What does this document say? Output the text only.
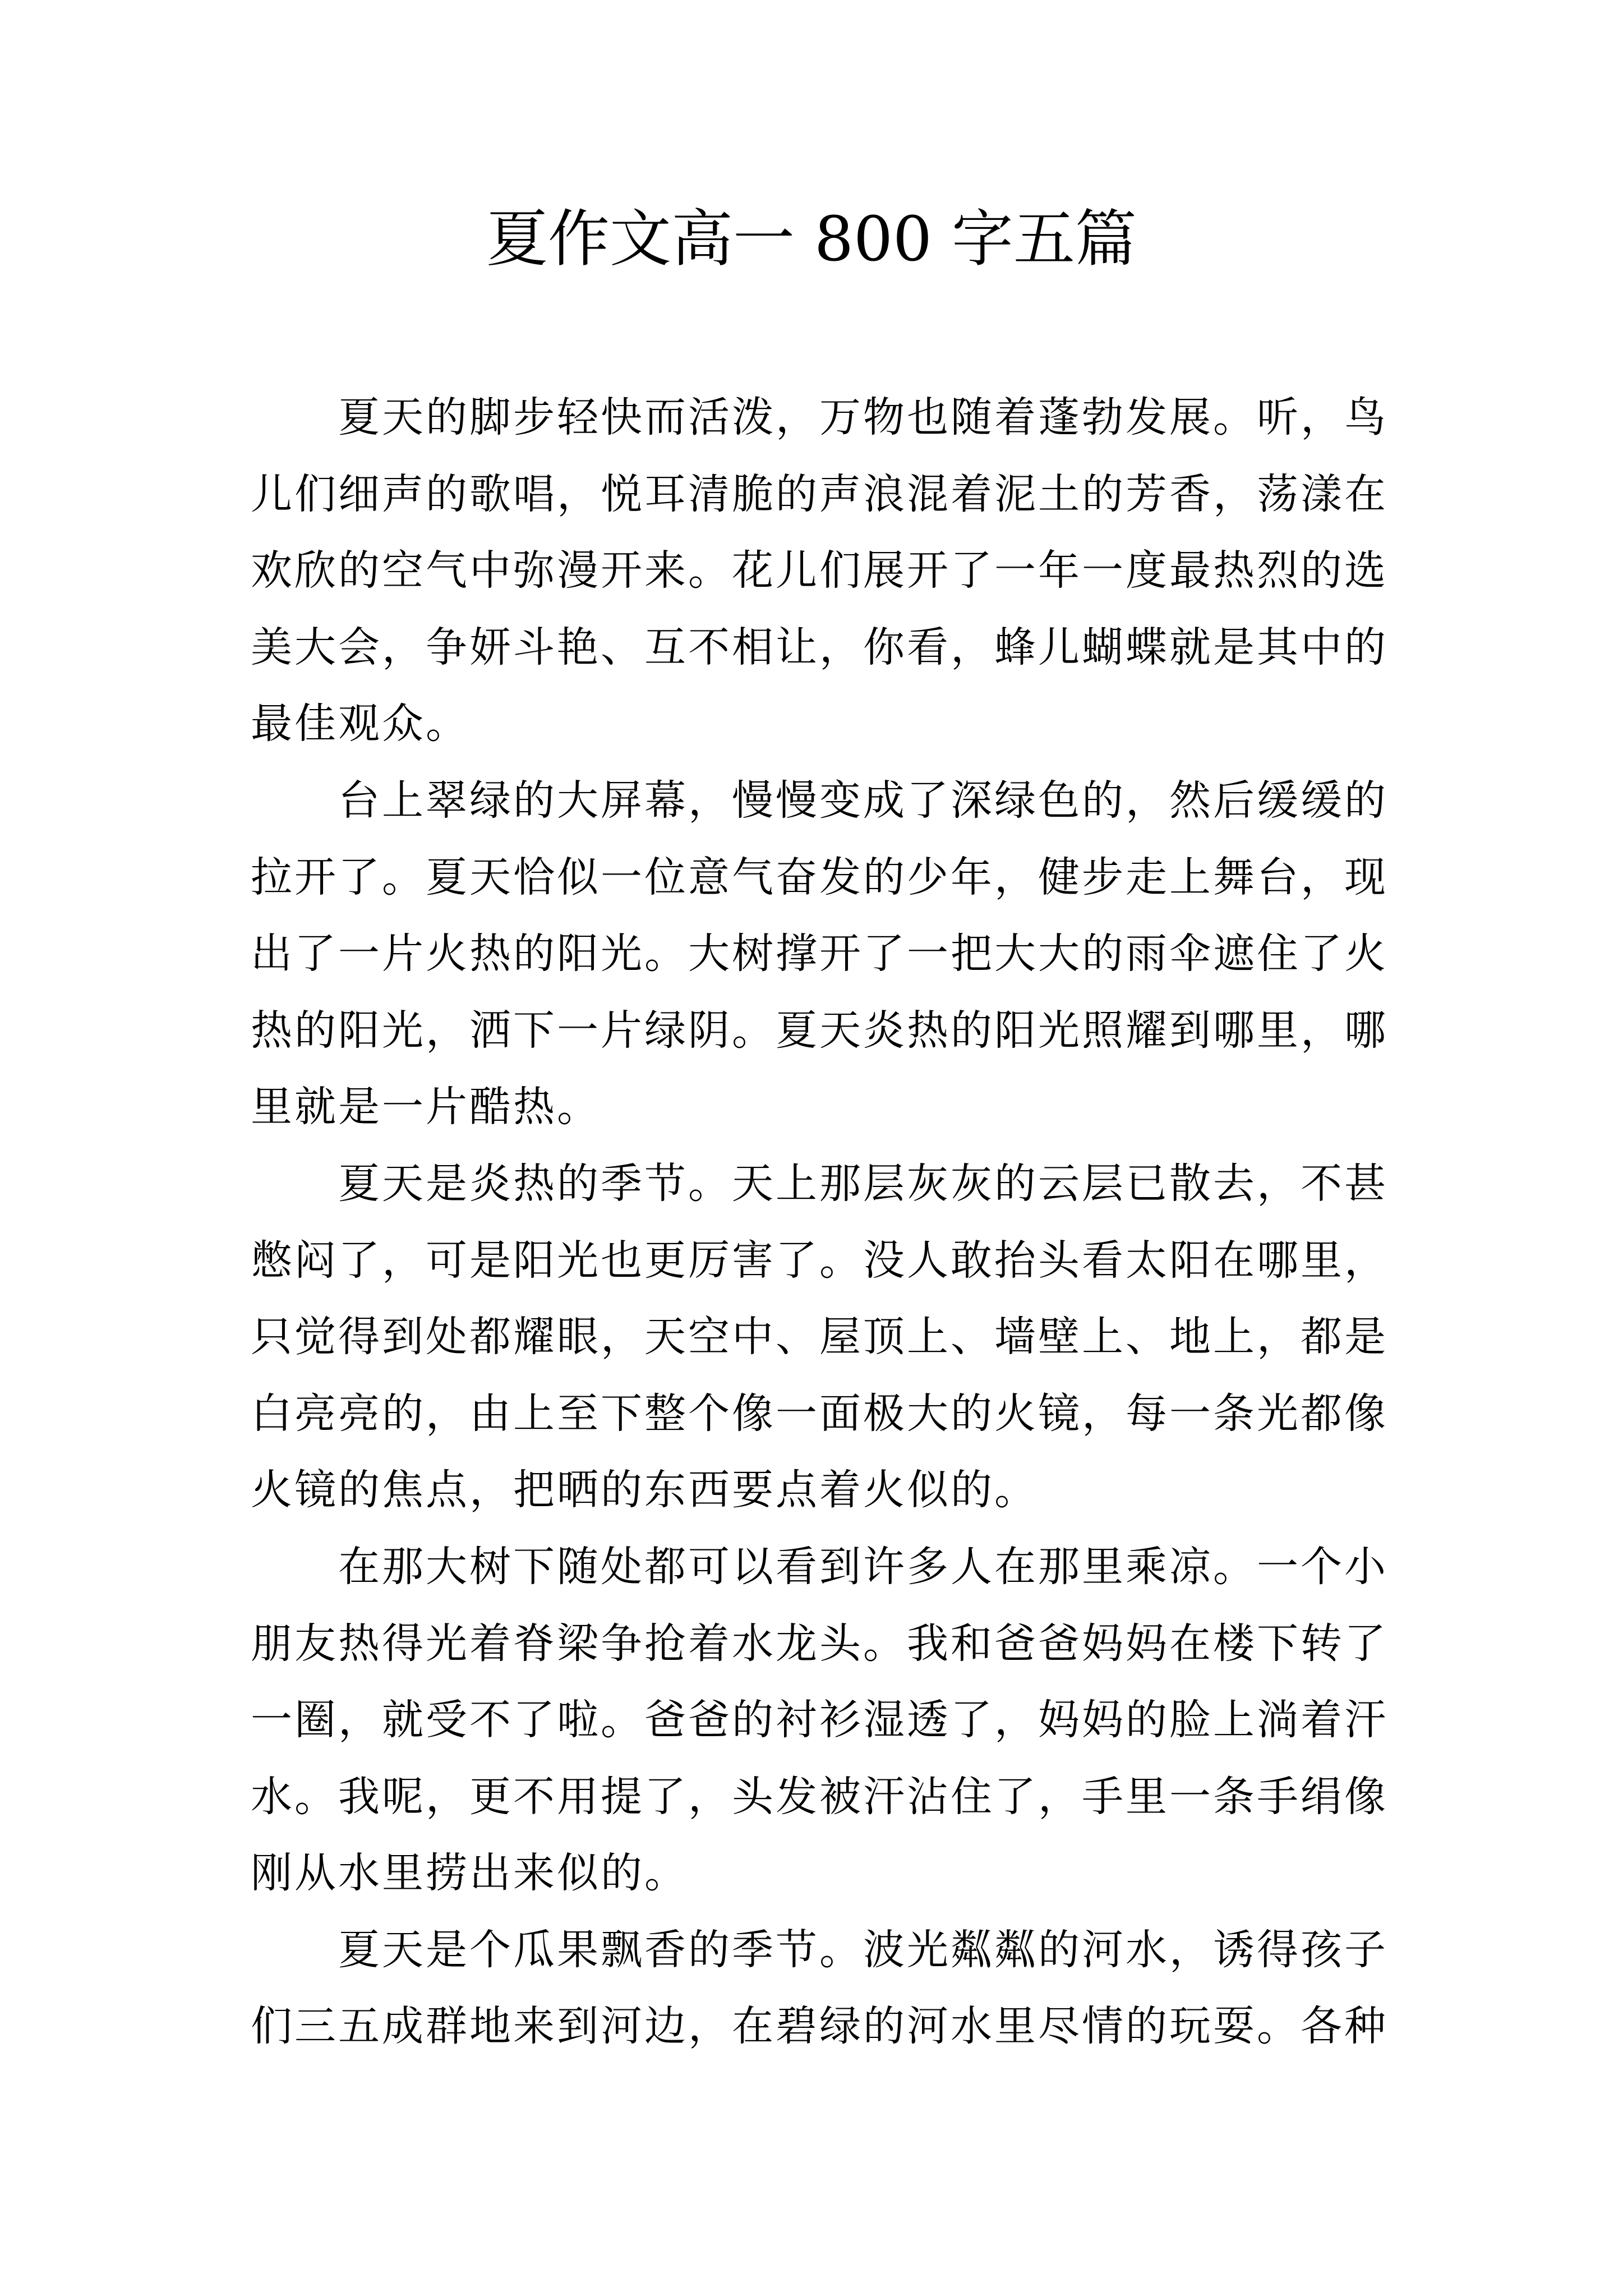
夏作文高一 800 字五篇
夏天的脚步轻快而活泼，万物也随着蓬勃发展。听，鸟
儿们细声的歌唱，悦耳清脆的声浪混着泥土的芳香，荡漾在
欢欣的空气中弥漫开来。花儿们展开了一年一度最热烈的选
美大会，争妍斗艳、互不相让，你看，蜂儿蝴蝶就是其中的
最佳观众。
台上翠绿的大屏幕，慢慢变成了深绿色的，然后缓缓的
拉开了。夏天恰似一位意气奋发的少年，健步走上舞台，现
出了一片火热的阳光。大树撑开了一把大大的雨伞遮住了火
热的阳光，洒下一片绿阴。夏天炎热的阳光照耀到哪里，哪
里就是一片酷热。
夏天是炎热的季节。天上那层灰灰的云层已散去，不甚
憋闷了，可是阳光也更厉害了。没人敢抬头看太阳在哪里，
只觉得到处都耀眼，天空中、屋顶上、墙壁上、地上，都是
白亮亮的，由上至下整个像一面极大的火镜，每一条光都像
火镜的焦点，把晒的东西要点着火似的。
在那大树下随处都可以看到许多人在那里乘凉。一个小
朋友热得光着脊梁争抢着水龙头。我和爸爸妈妈在楼下转了
一圈，就受不了啦。爸爸的衬衫湿透了，妈妈的脸上淌着汗
水。我呢，更不用提了，头发被汗沾住了，手里一条手绢像
刚从水里捞出来似的。
夏天是个瓜果飘香的季节。波光粼粼的河水，诱得孩子
们三五成群地来到河边，在碧绿的河水里尽情的玩耍。各种
